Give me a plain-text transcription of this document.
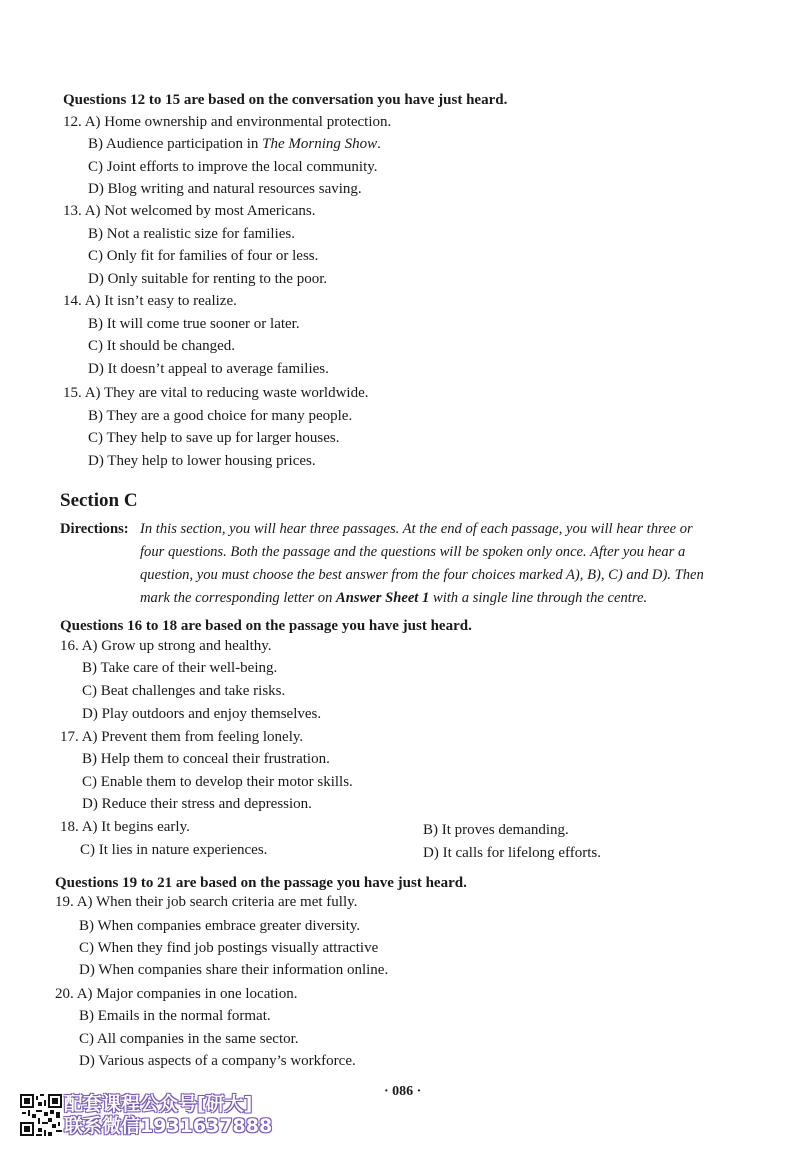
Questions 12 to 15 are based on the conversation you have just heard.
12. A) Home ownership and environmental protection.
B) Audience participation in The Morning Show.
C) Joint efforts to improve the local community.
D) Blog writing and natural resources saving.
13. A) Not welcomed by most Americans.
B) Not a realistic size for families.
C) Only fit for families of four or less.
D) Only suitable for renting to the poor.
14. A) It isn’t easy to realize.
B) It will come true sooner or later.
C) It should be changed.
D) It doesn’t appeal to average families.
15. A) They are vital to reducing waste worldwide.
B) They are a good choice for many people.
C) They help to save up for larger houses.
D) They help to lower housing prices.
Section C
Directions: In this section, you will hear three passages. At the end of each passage, you will hear three or
four questions. Both the passage and the questions will be spoken only once. After you hear a
question, you must choose the best answer from the four choices marked A), B), C) and D). Then
mark the corresponding letter on Answer Sheet 1 with a single line through the centre.
Questions 16 to 18 are based on the passage you have just heard.
16. A) Grow up strong and healthy.
B) Take care of their well-being.
C) Beat challenges and take risks.
D) Play outdoors and enjoy themselves.
17. A) Prevent them from feeling lonely.
B) Help them to conceal their frustration.
C) Enable them to develop their motor skills.
D) Reduce their stress and depression.
18. A) It begins early.	B) It proves demanding.
C) It lies in nature experiences.	D) It calls for lifelong efforts.
Questions 19 to 21 are based on the passage you have just heard.
19. A) When their job search criteria are met fully.
B) When companies embrace greater diversity.
C) When they find job postings visually attractive
D) When companies share their information online.
20. A) Major companies in one location.
B) Emails in the normal format.
C) All companies in the same sector.
D) Various aspects of a company’s workforce.
· 086 ·
配套课程公众号[研大]
联系微信1931637888
